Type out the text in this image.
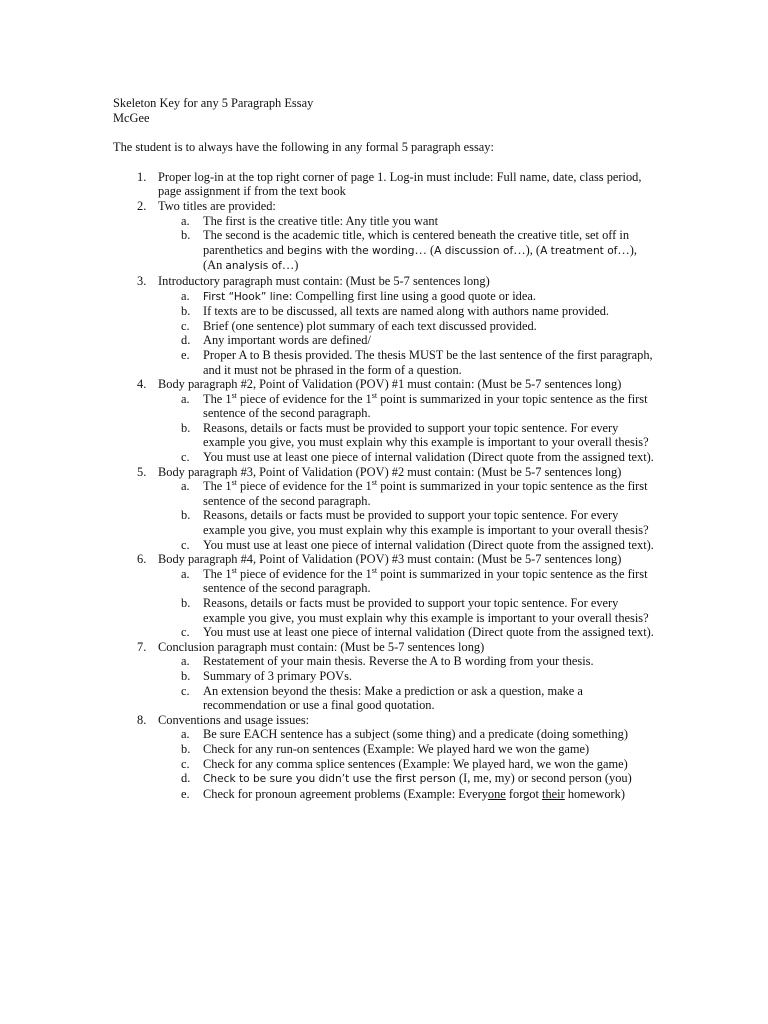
Skeleton Key for any 5 Paragraph Essay

McGee

The student is to always have the following in any formal 5 paragraph essay:

1. Proper log-in at the top right corner of page 1. Log-in must include: Full name, date, class period, page assignment if from the text book
2. Two titles are provided:
a. The first is the creative title: Any title you want
b. The second is the academic title, which is centered beneath the creative title, set off in parenthetics and begins with the wording… (A discussion of…), (A treatment of…), (An analysis of…)
3. Introductory paragraph must contain: (Must be 5-7 sentences long)
a. First “Hook” line: Compelling first line using a good quote or idea.
b. If texts are to be discussed, all texts are named along with authors name provided.
c. Brief (one sentence) plot summary of each text discussed provided.
d. Any important words are defined/
e. Proper A to B thesis provided. The thesis MUST be the last sentence of the first paragraph, and it must not be phrased in the form of a question.
4. Body paragraph #2, Point of Validation (POV) #1 must contain: (Must be 5-7 sentences long)
a. The 1st piece of evidence for the 1st point is summarized in your topic sentence as the first sentence of the second paragraph.
b. Reasons, details or facts must be provided to support your topic sentence. For every example you give, you must explain why this example is important to your overall thesis?
c. You must use at least one piece of internal validation (Direct quote from the assigned text).
5. Body paragraph #3, Point of Validation (POV) #2 must contain: (Must be 5-7 sentences long)
a. The 1st piece of evidence for the 1st point is summarized in your topic sentence as the first sentence of the second paragraph.
b. Reasons, details or facts must be provided to support your topic sentence. For every example you give, you must explain why this example is important to your overall thesis?
c. You must use at least one piece of internal validation (Direct quote from the assigned text).
6. Body paragraph #4, Point of Validation (POV) #3 must contain: (Must be 5-7 sentences long)
a. The 1st piece of evidence for the 1st point is summarized in your topic sentence as the first sentence of the second paragraph.
b. Reasons, details or facts must be provided to support your topic sentence. For every example you give, you must explain why this example is important to your overall thesis?
c. You must use at least one piece of internal validation (Direct quote from the assigned text).
7. Conclusion paragraph must contain: (Must be 5-7 sentences long)
a. Restatement of your main thesis. Reverse the A to B wording from your thesis.
b. Summary of 3 primary POVs.
c. An extension beyond the thesis: Make a prediction or ask a question, make a recommendation or use a final good quotation.
8. Conventions and usage issues:
a. Be sure EACH sentence has a subject (some thing) and a predicate (doing something)
b. Check for any run-on sentences (Example: We played hard we won the game)
c. Check for any comma splice sentences (Example: We played hard, we won the game)
d. Check to be sure you didn’t use the first person (I, me, my) or second person (you)
e. Check for pronoun agreement problems (Example: Everyone forgot their homework)
